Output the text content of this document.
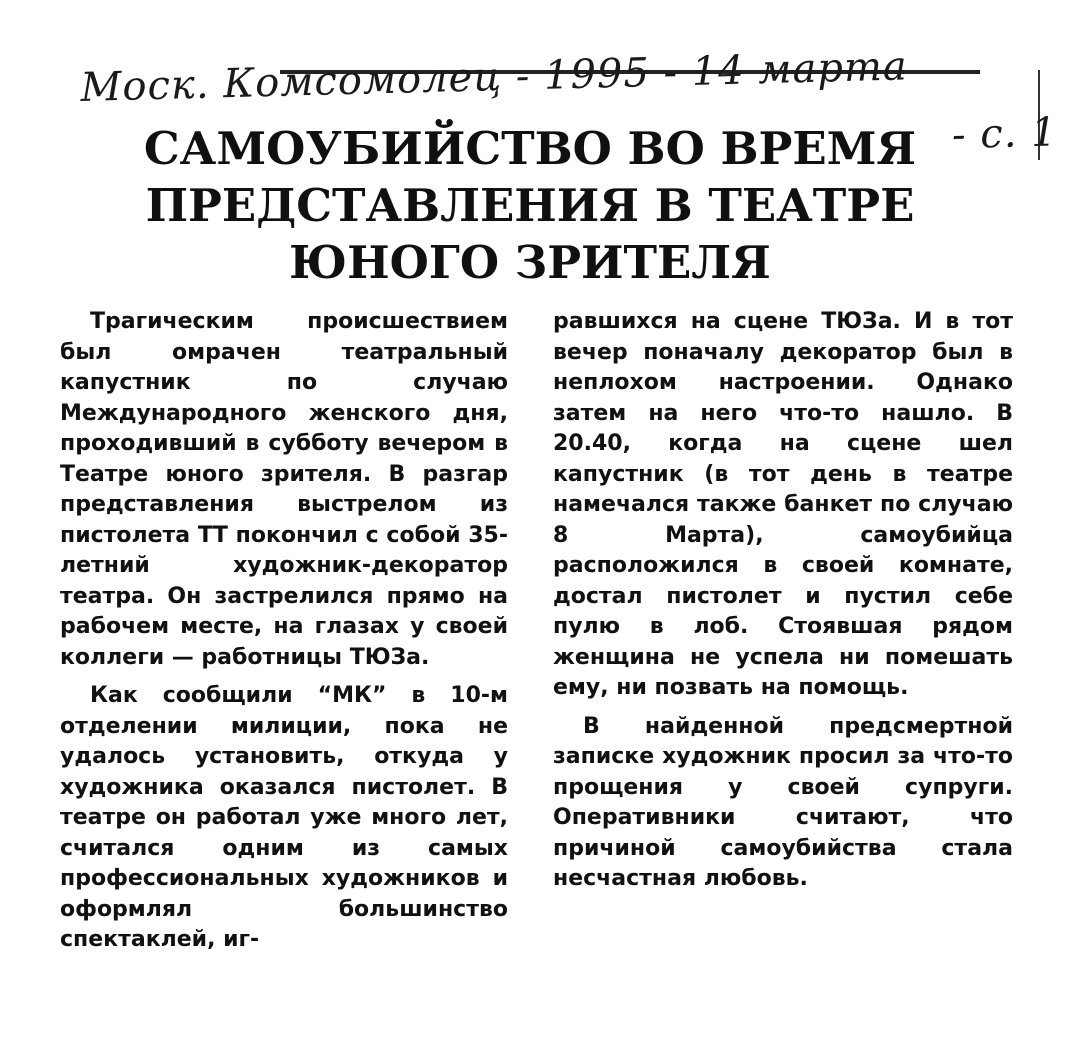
Моск. Комсомолец - 1995 - 14 марта
- с. 1
САМОУБИЙСТВО ВО ВРЕМЯ ПРЕДСТАВЛЕНИЯ В ТЕАТРЕ ЮНОГО ЗРИТЕЛЯ

Трагическим происшествием был омрачен театральный капустник по случаю Международного женского дня, проходивший в субботу вечером в Театре юного зрителя. В разгар представления выстрелом из пистолета ТТ покончил с собой 35-летний художник-декоратор театра. Он застрелился прямо на рабочем месте, на глазах у своей коллеги — работницы ТЮЗа.

Как сообщили “МК” в 10-м отделении милиции, пока не удалось установить, откуда у художника оказался пистолет. В театре он работал уже много лет, считался одним из самых профессиональных художников и оформлял большинство спектаклей, иг-

равшихся на сцене ТЮЗа. И в тот вечер поначалу декоратор был в неплохом настроении. Однако затем на него что-то нашло. В 20.40, когда на сцене шел капустник (в тот день в театре намечался также банкет по случаю 8 Марта), самоубийца расположился в своей комнате, достал пистолет и пустил себе пулю в лоб. Стоявшая рядом женщина не успела ни помешать ему, ни позвать на помощь.

В найденной предсмертной записке художник просил за что-то прощения у своей супруги. Оперативники считают, что причиной самоубийства стала несчастная любовь.
